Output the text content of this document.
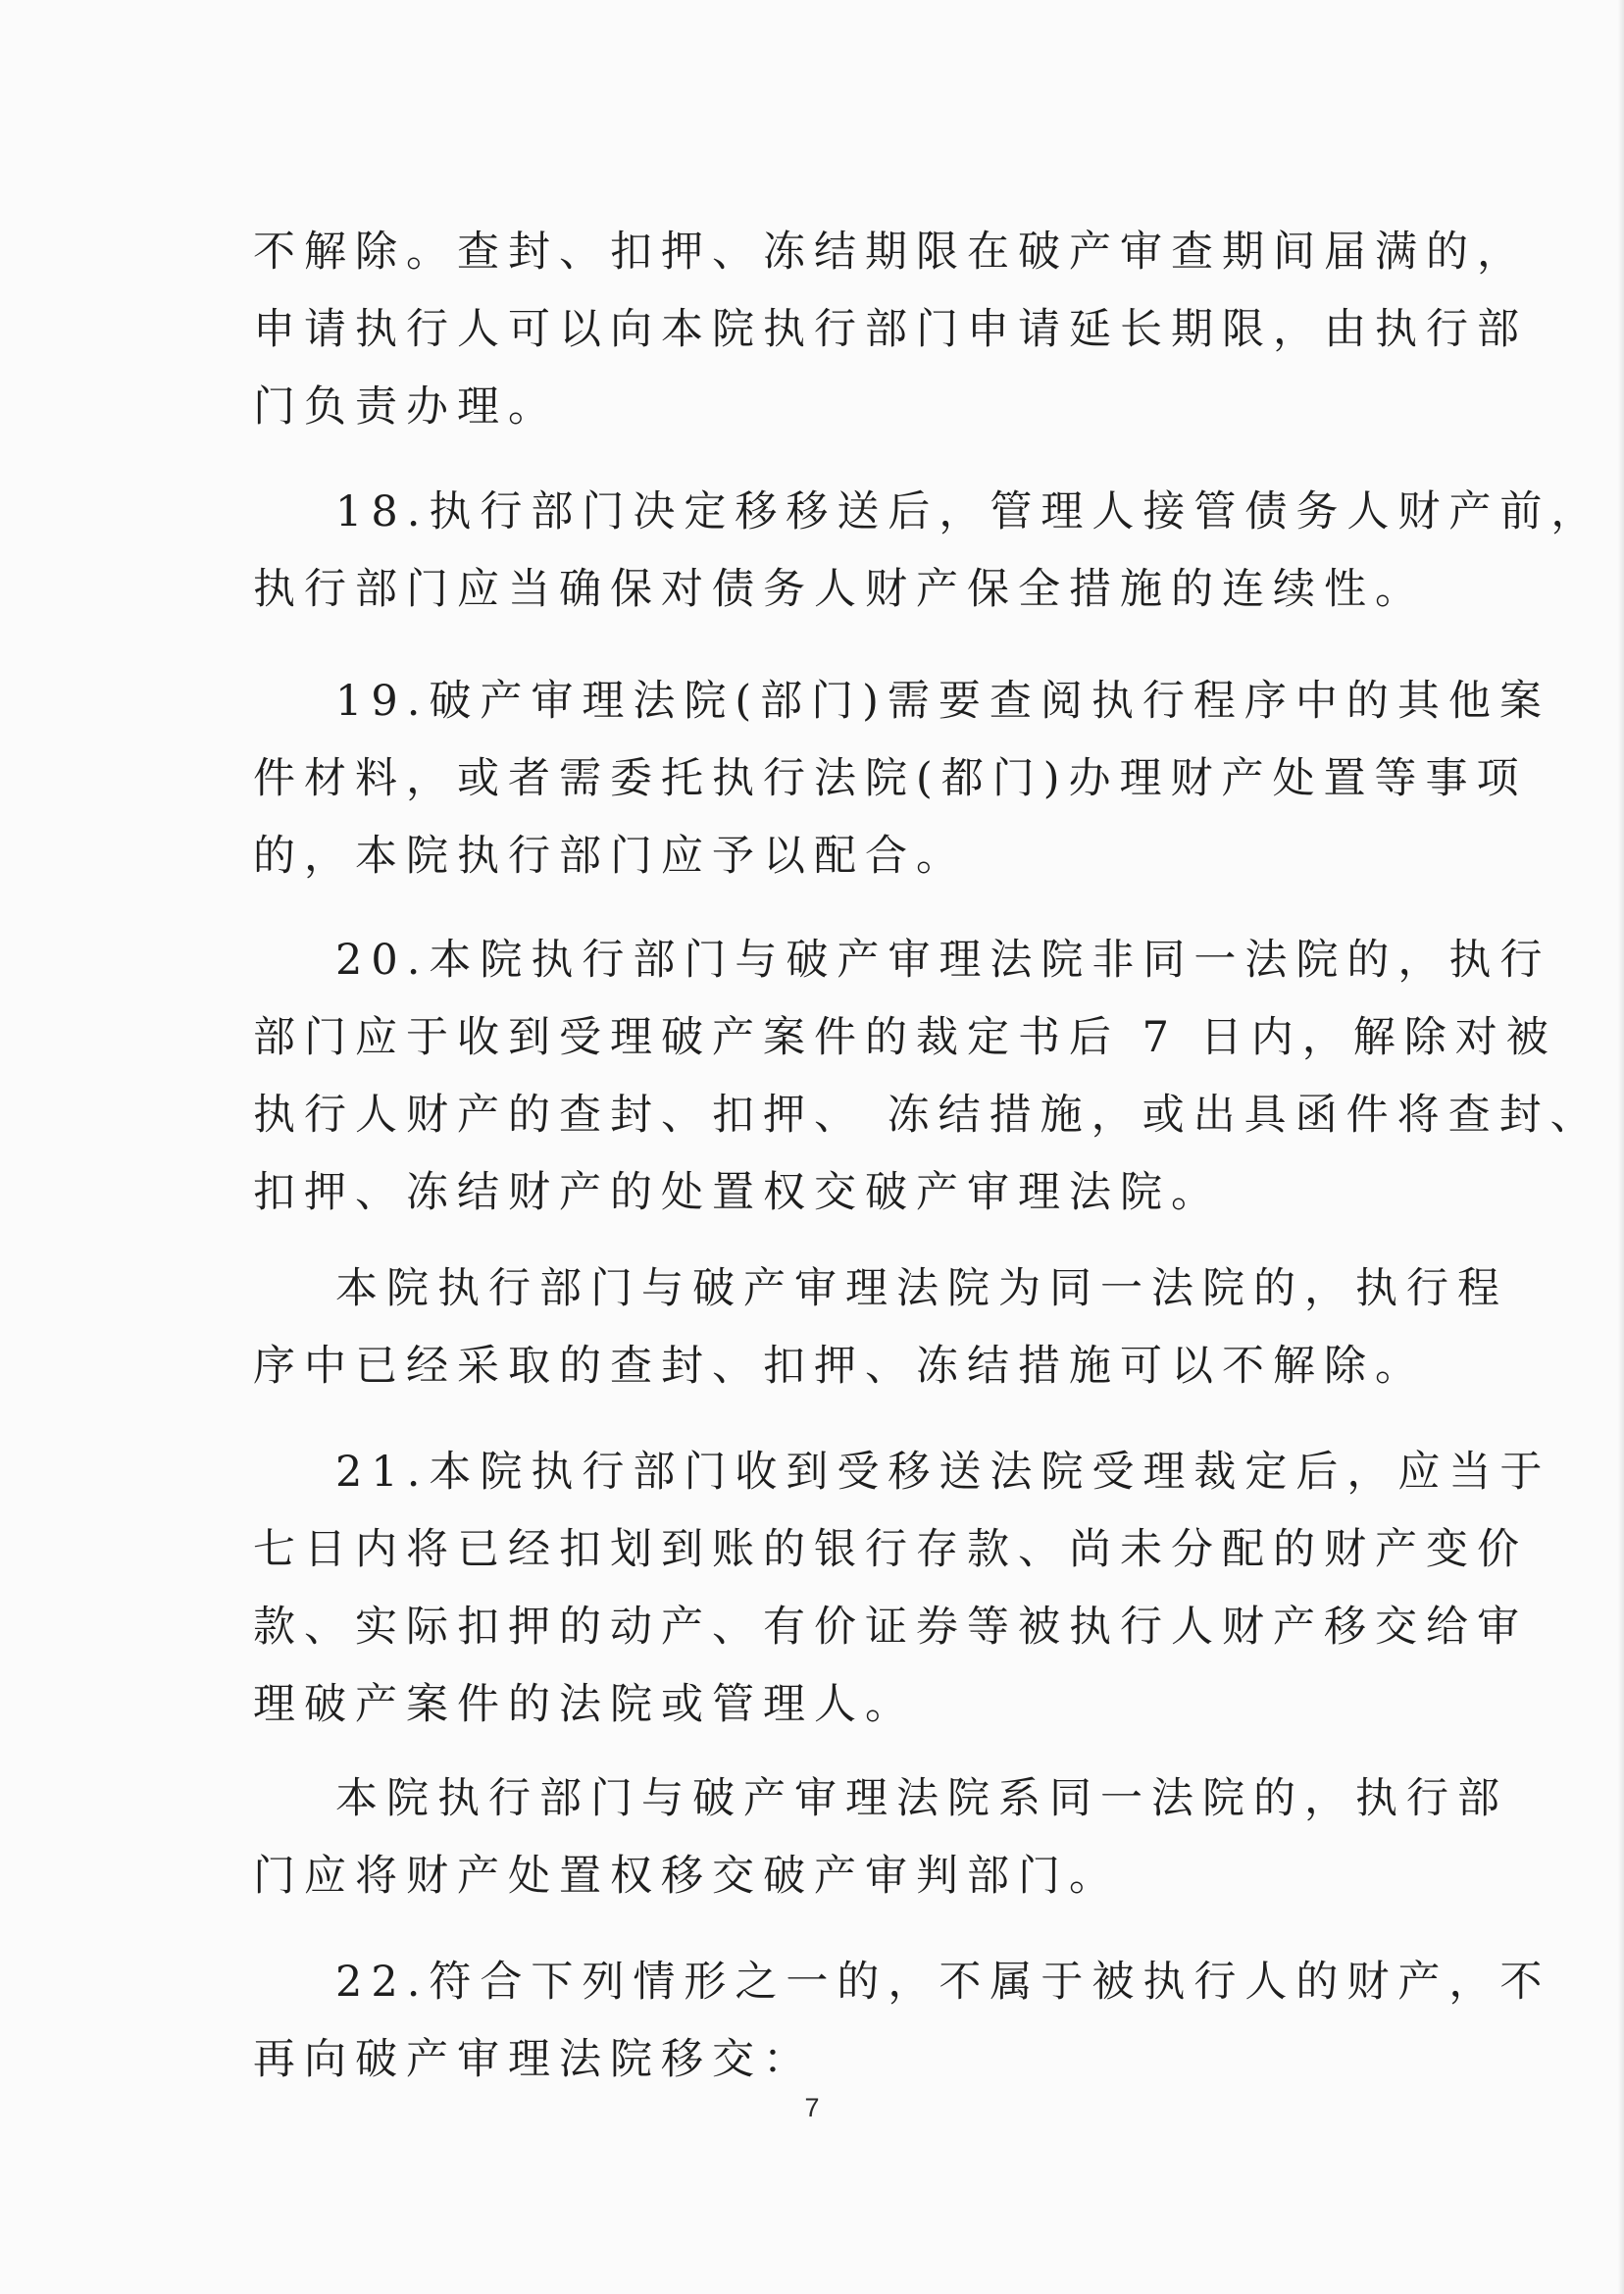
不解除。查封、扣押、冻结期限在破产审查期间届满的，
申请执行人可以向本院执行部门申请延长期限，由执行部
门负责办理。
18.执行部门决定移移送后，管理人接管债务人财产前，
执行部门应当确保对债务人财产保全措施的连续性。
19.破产审理法院(部门)需要查阅执行程序中的其他案
件材料，或者需委托执行法院(都门)办理财产处置等事项
的，本院执行部门应予以配合。
20.本院执行部门与破产审理法院非同一法院的，执行
部门应于收到受理破产案件的裁定书后 7 日内，解除对被
执行人财产的查封、扣押、 冻结措施，或出具函件将查封、
扣押、冻结财产的处置权交破产审理法院。
本院执行部门与破产审理法院为同一法院的，执行程
序中已经采取的查封、扣押、冻结措施可以不解除。
21.本院执行部门收到受移送法院受理裁定后，应当于
七日内将已经扣划到账的银行存款、尚未分配的财产变价
款、实际扣押的动产、有价证券等被执行人财产移交给审
理破产案件的法院或管理人。
本院执行部门与破产审理法院系同一法院的，执行部
门应将财产处置权移交破产审判部门。
22.符合下列情形之一的，不属于被执行人的财产，不
再向破产审理法院移交：
7
